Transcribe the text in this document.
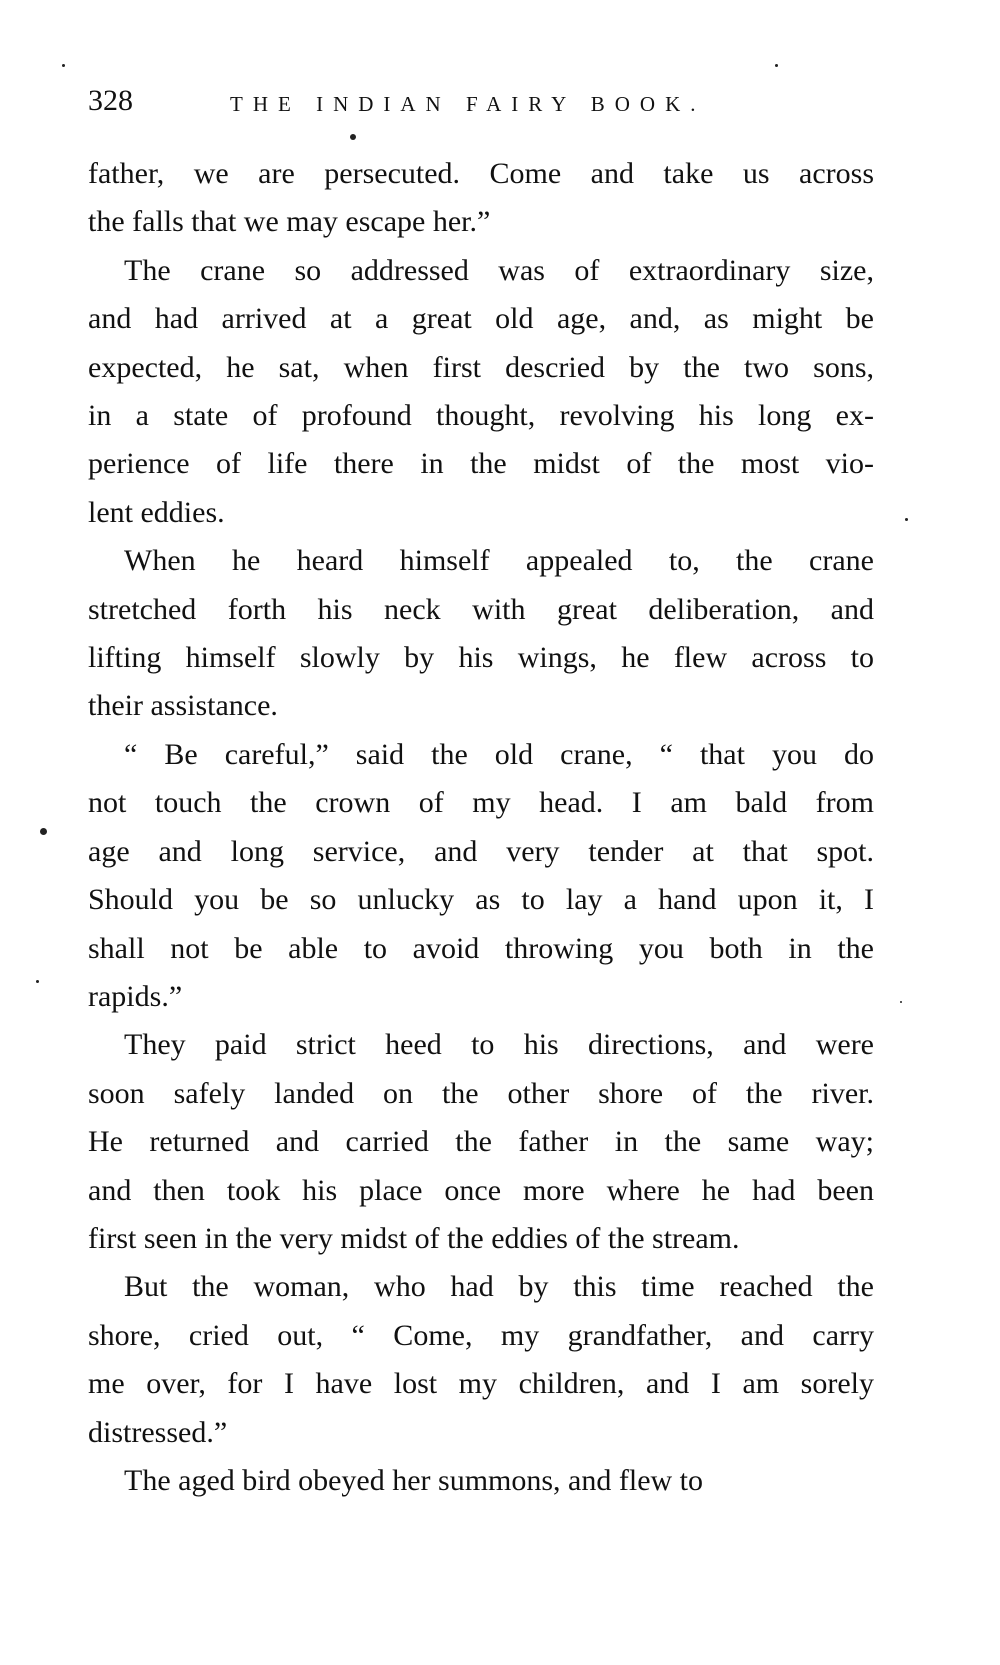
328	THE INDIAN FAIRY BOOK.
father, we are persecuted. Come and take us across
the falls that we may escape her.”
The crane so addressed was of extraordinary size,
and had arrived at a great old age, and, as might be
expected, he sat, when first descried by the two sons,
in a state of profound thought, revolving his long ex-
perience of life there in the midst of the most vio-
lent eddies.
When he heard himself appealed to, the crane
stretched forth his neck with great deliberation, and
lifting himself slowly by his wings, he flew across to
their assistance.
“ Be careful,” said the old crane, “ that you do
not touch the crown of my head. I am bald from
age and long service, and very tender at that spot.
Should you be so unlucky as to lay a hand upon it, I
shall not be able to avoid throwing you both in the
rapids.”
They paid strict heed to his directions, and were
soon safely landed on the other shore of the river.
He returned and carried the father in the same way;
and then took his place once more where he had been
first seen in the very midst of the eddies of the stream.
But the woman, who had by this time reached the
shore, cried out, “ Come, my grandfather, and carry
me over, for I have lost my children, and I am sorely
distressed.”
The aged bird obeyed her summons, and flew to
